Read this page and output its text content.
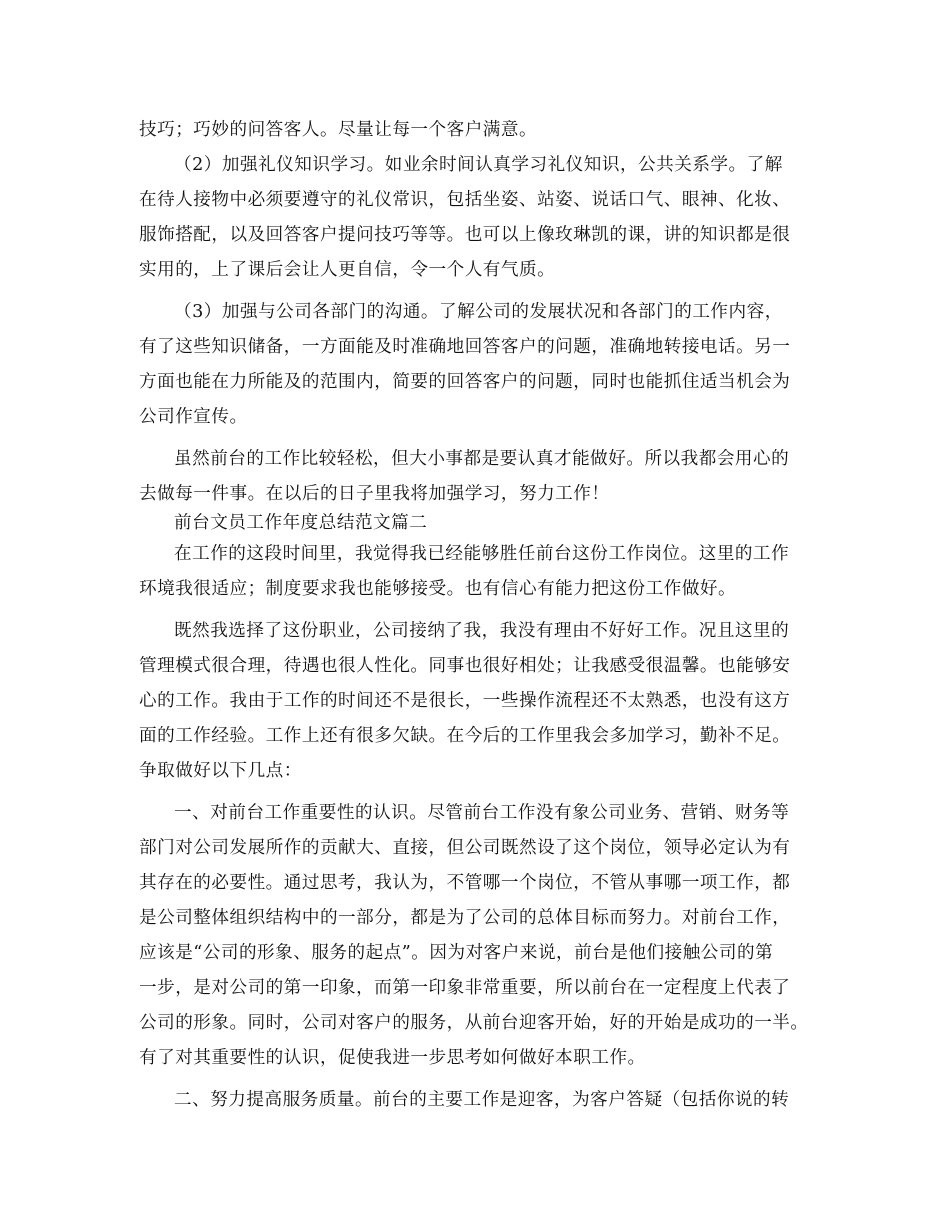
技巧；巧妙的问答客人。尽量让每一个客户满意。
（2）加强礼仪知识学习。如业余时间认真学习礼仪知识，公共关系学。了解
在待人接物中必须要遵守的礼仪常识，包括坐姿、站姿、说话口气、眼神、化妆、
服饰搭配，以及回答客户提问技巧等等。也可以上像玫琳凯的课，讲的知识都是很
实用的，上了课后会让人更自信，令一个人有气质。
（3）加强与公司各部门的沟通。了解公司的发展状况和各部门的工作内容，
有了这些知识储备，一方面能及时准确地回答客户的问题，准确地转接电话。另一
方面也能在力所能及的范围内，简要的回答客户的问题，同时也能抓住适当机会为
公司作宣传。
虽然前台的工作比较轻松，但大小事都是要认真才能做好。所以我都会用心的
去做每一件事。在以后的日子里我将加强学习，努力工作！
前台文员工作年度总结范文篇二
在工作的这段时间里，我觉得我已经能够胜任前台这份工作岗位。这里的工作
环境我很适应；制度要求我也能够接受。也有信心有能力把这份工作做好。
既然我选择了这份职业，公司接纳了我，我没有理由不好好工作。况且这里的
管理模式很合理，待遇也很人性化。同事也很好相处；让我感受很温馨。也能够安
心的工作。我由于工作的时间还不是很长，一些操作流程还不太熟悉，也没有这方
面的工作经验。工作上还有很多欠缺。在今后的工作里我会多加学习，勤补不足。
争取做好以下几点：
一、对前台工作重要性的认识。尽管前台工作没有象公司业务、营销、财务等
部门对公司发展所作的贡献大、直接，但公司既然设了这个岗位，领导必定认为有
其存在的必要性。通过思考，我认为，不管哪一个岗位，不管从事哪一项工作，都
是公司整体组织结构中的一部分，都是为了公司的总体目标而努力。对前台工作，
应该是“公司的形象、服务的起点”。因为对客户来说，前台是他们接触公司的第
一步，是对公司的第一印象，而第一印象非常重要，所以前台在一定程度上代表了
公司的形象。同时，公司对客户的服务，从前台迎客开始，好的开始是成功的一半。
有了对其重要性的认识，促使我进一步思考如何做好本职工作。
二、努力提高服务质量。前台的主要工作是迎客，为客户答疑（包括你说的转
